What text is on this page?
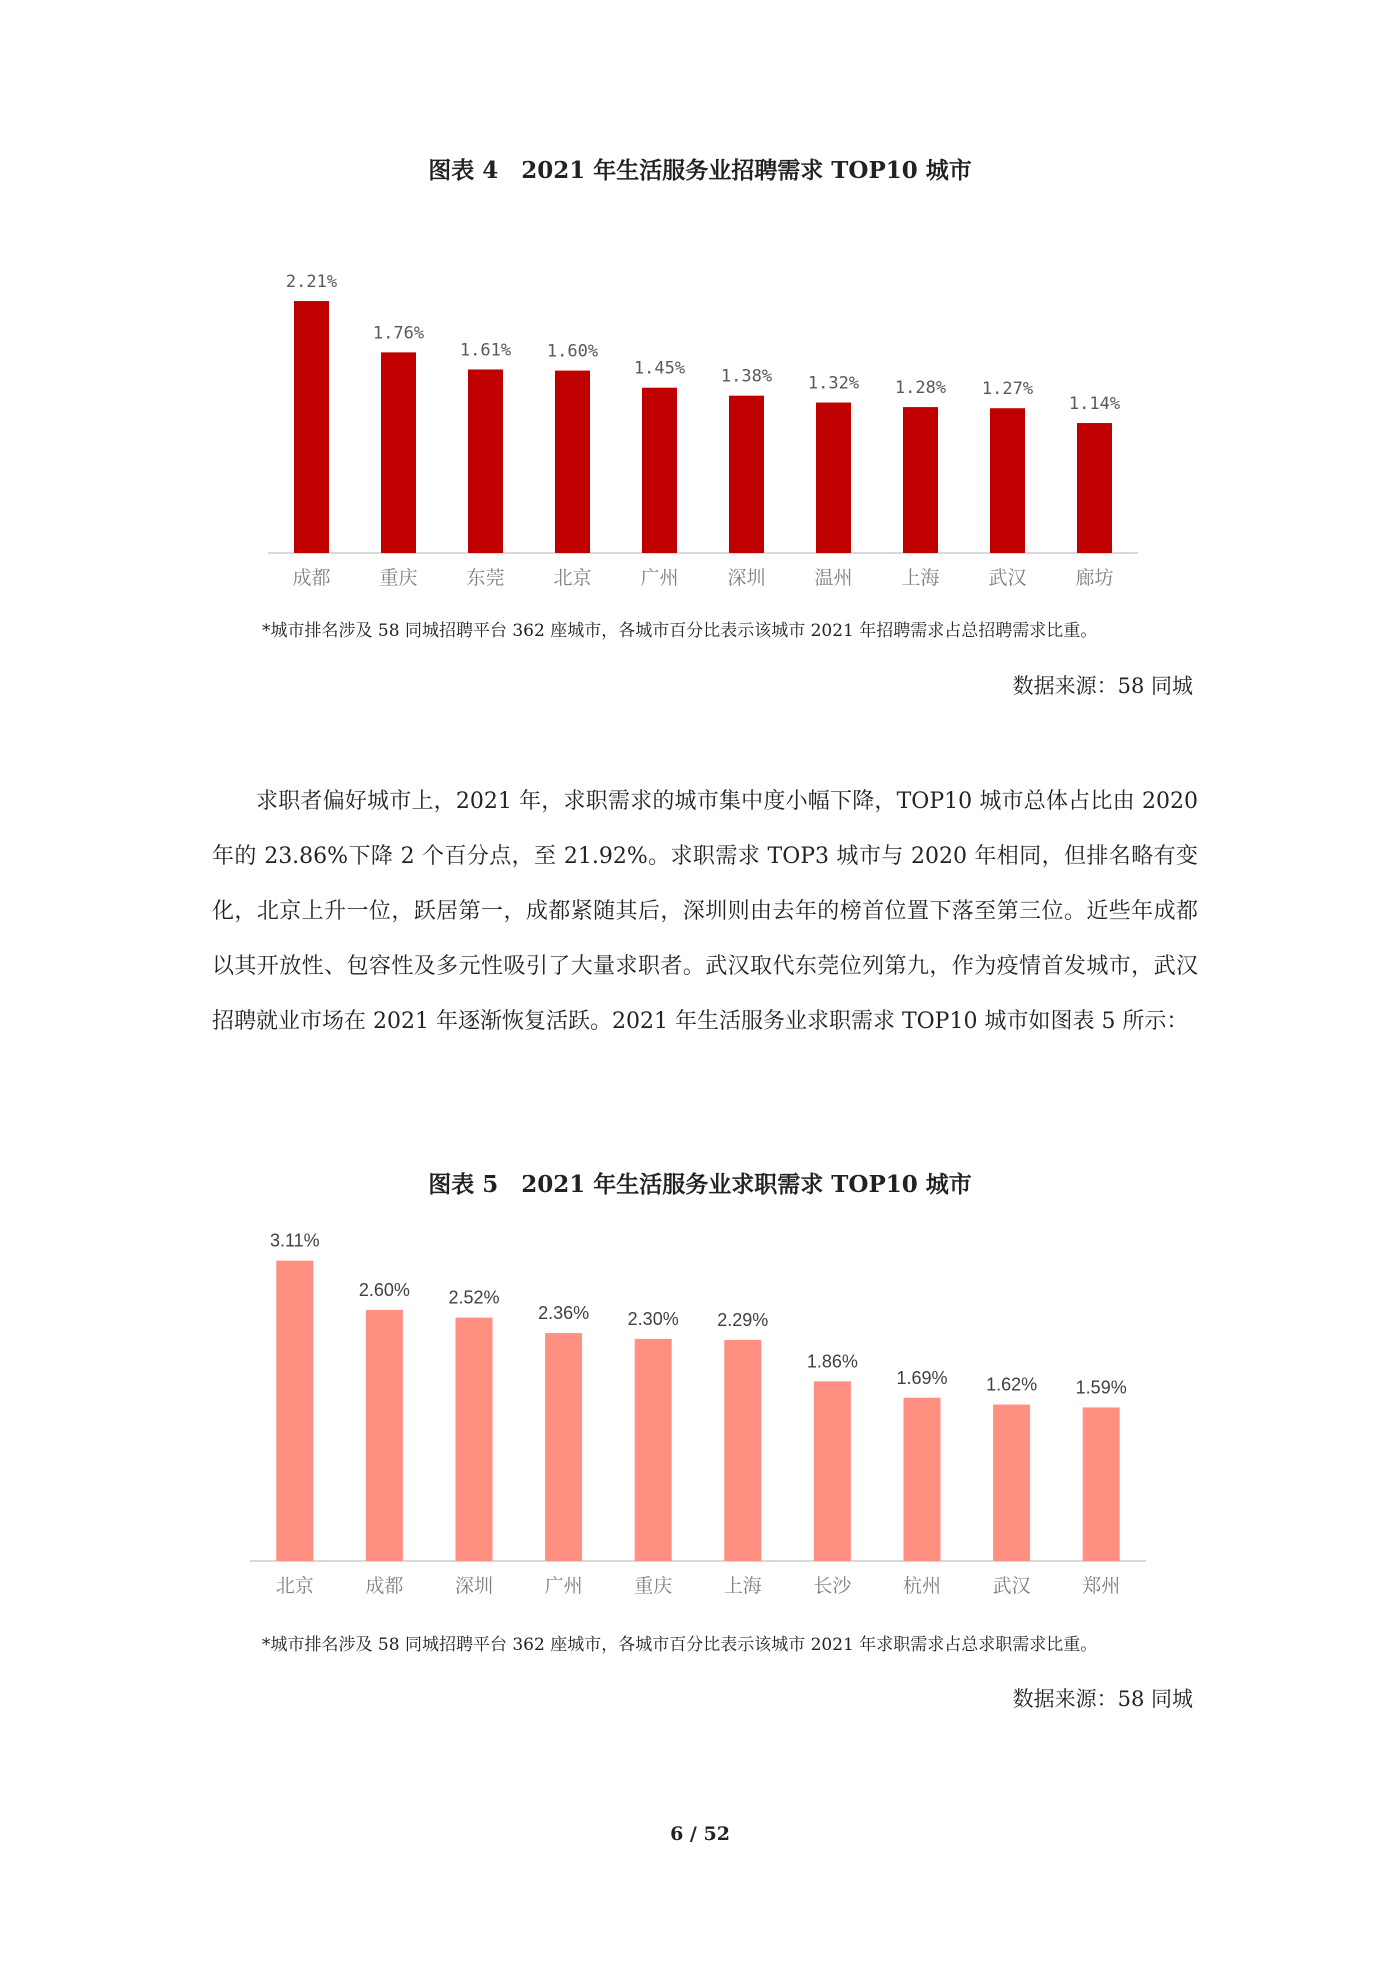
图表 4　2021 年生活服务业招聘需求 TOP10 城市

2.21%
成都
1.76%
重庆
1.61%
东莞
1.60%
北京
1.45%
广州
1.38%
深圳
1.32%
温州
1.28%
上海
1.27%
武汉
1.14%
廊坊

*城市排名涉及 58 同城招聘平台 362 座城市，各城市百分比表示该城市 2021 年招聘需求占总招聘需求比重。

数据来源：58 同城

求职者偏好城市上，2021 年，求职需求的城市集中度小幅下降，TOP10 城市总体占比由 2020 年的 23.86%下降 2 个百分点，至 21.92%。求职需求 TOP3 城市与 2020 年相同，但排名略有变化，北京上升一位，跃居第一，成都紧随其后，深圳则由去年的榜首位置下落至第三位。近些年成都以其开放性、包容性及多元性吸引了大量求职者。武汉取代东莞位列第九，作为疫情首发城市，武汉招聘就业市场在 2021 年逐渐恢复活跃。2021 年生活服务业求职需求 TOP10 城市如图表 5 所示：

图表 5　2021 年生活服务业求职需求 TOP10 城市

3.11%
北京
2.60%
成都
2.52%
深圳
2.36%
广州
2.30%
重庆
2.29%
上海
1.86%
长沙
1.69%
杭州
1.62%
武汉
1.59%
郑州

*城市排名涉及 58 同城招聘平台 362 座城市，各城市百分比表示该城市 2021 年求职需求占总求职需求比重。

数据来源：58 同城

6 / 52
